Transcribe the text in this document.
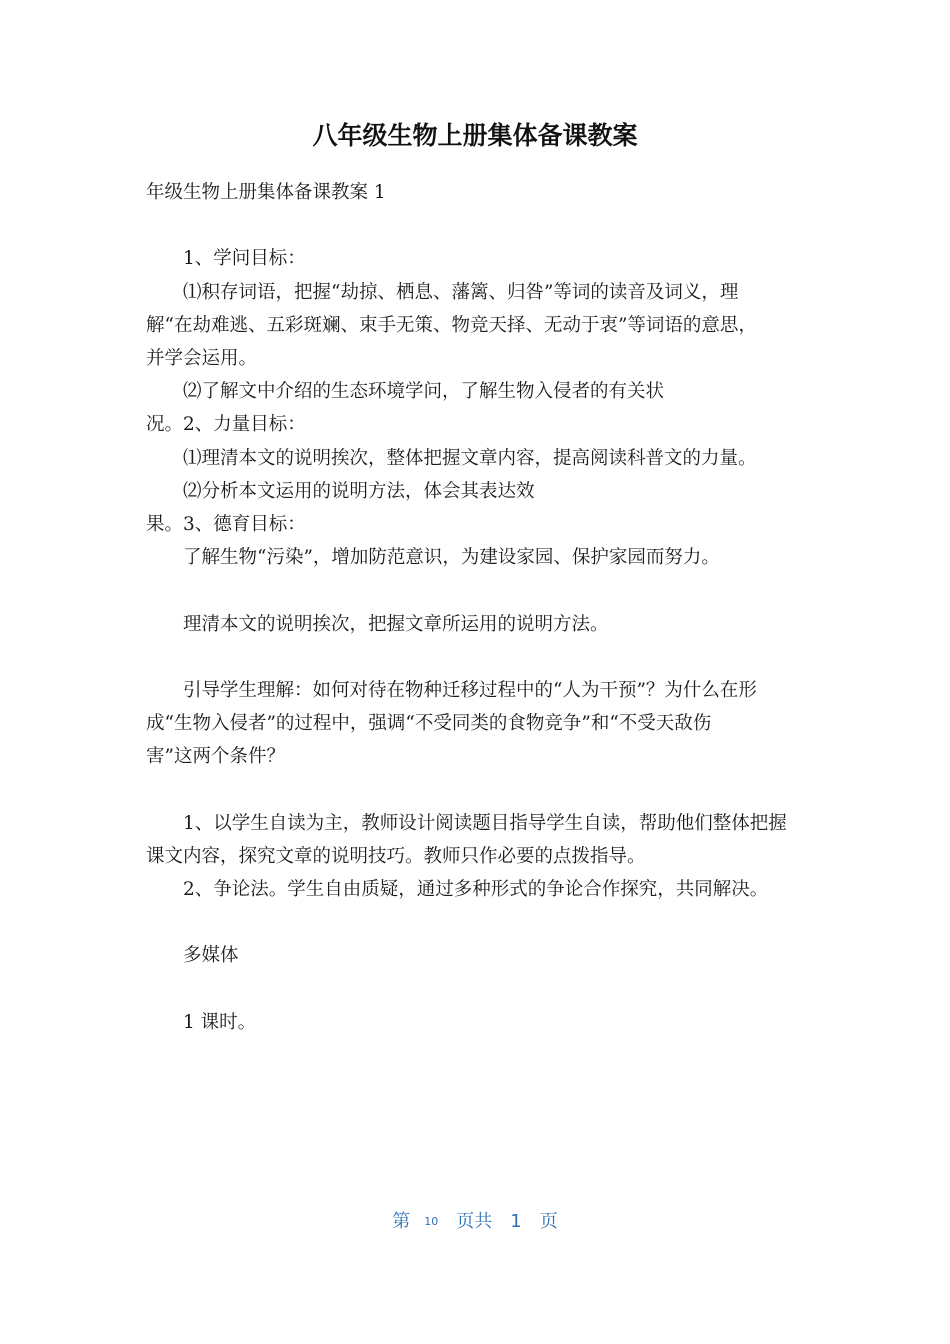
八年级生物上册集体备课教案
年级生物上册集体备课教案 1
1、学问目标：
⑴积存词语，把握“劫掠、栖息、藩篱、归咎”等词的读音及词义，理
解“在劫难逃、五彩斑斓、束手无策、物竞天择、无动于衷”等词语的意思，
并学会运用。
⑵了解文中介绍的生态环境学问，了解生物入侵者的有关状
况。2、力量目标：
⑴理清本文的说明挨次，整体把握文章内容，提高阅读科普文的力量。
⑵分析本文运用的说明方法，体会其表达效
果。3、德育目标：
了解生物“污染”，增加防范意识，为建设家园、保护家园而努力。
理清本文的说明挨次，把握文章所运用的说明方法。
引导学生理解：如何对待在物种迁移过程中的“人为干预”？为什么在形
成“生物入侵者”的过程中，强调“不受同类的食物竞争”和“不受天敌伤
害”这两个条件？
1、以学生自读为主，教师设计阅读题目指导学生自读，帮助他们整体把握
课文内容，探究文章的说明技巧。教师只作必要的点拨指导。
2、争论法。学生自由质疑，通过多种形式的争论合作探究，共同解决。
多媒体
1 课时。
第 10 页共 1 页
